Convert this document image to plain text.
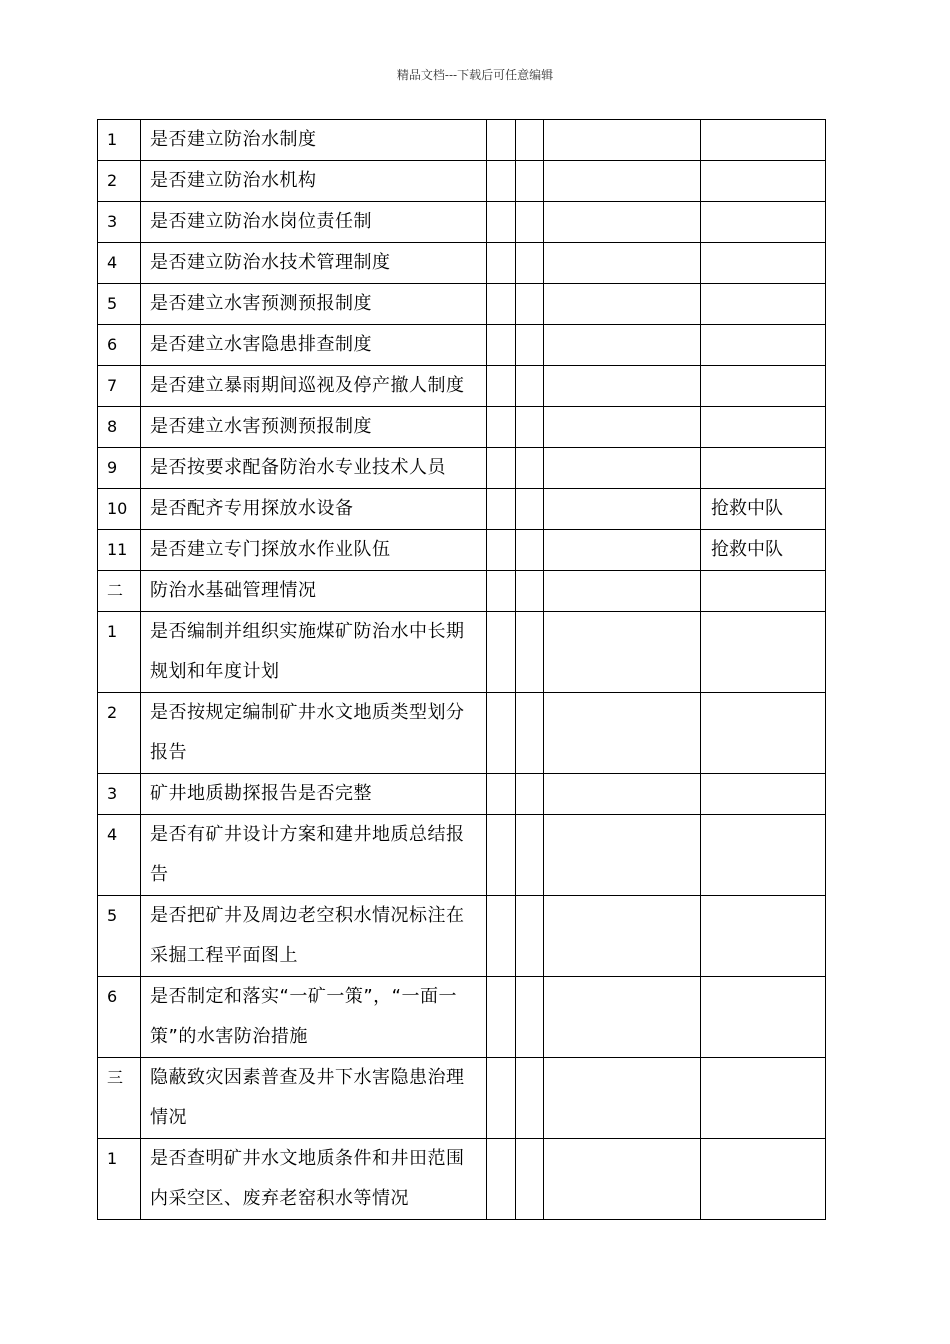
精品文档---下载后可任意编辑
1	是否建立防治水制度				
2	是否建立防治水机构				
3	是否建立防治水岗位责任制				
4	是否建立防治水技术管理制度				
5	是否建立水害预测预报制度				
6	是否建立水害隐患排查制度				
7	是否建立暴雨期间巡视及停产撤人制度				
8	是否建立水害预测预报制度				
9	是否按要求配备防治水专业技术人员				
10	是否配齐专用探放水设备				抢救中队
11	是否建立专门探放水作业队伍				抢救中队
二	防治水基础管理情况				
1	是否编制并组织实施煤矿防治水中长期规划和年度计划				
2	是否按规定编制矿井水文地质类型划分报告				
3	矿井地质勘探报告是否完整				
4	是否有矿井设计方案和建井地质总结报告				
5	是否把矿井及周边老空积水情况标注在采掘工程平面图上				
6	是否制定和落实“一矿一策”，“一面一策”的水害防治措施				
三	隐蔽致灾因素普查及井下水害隐患治理情况				
1	是否查明矿井水文地质条件和井田范围内采空区、废弃老窑积水等情况				
